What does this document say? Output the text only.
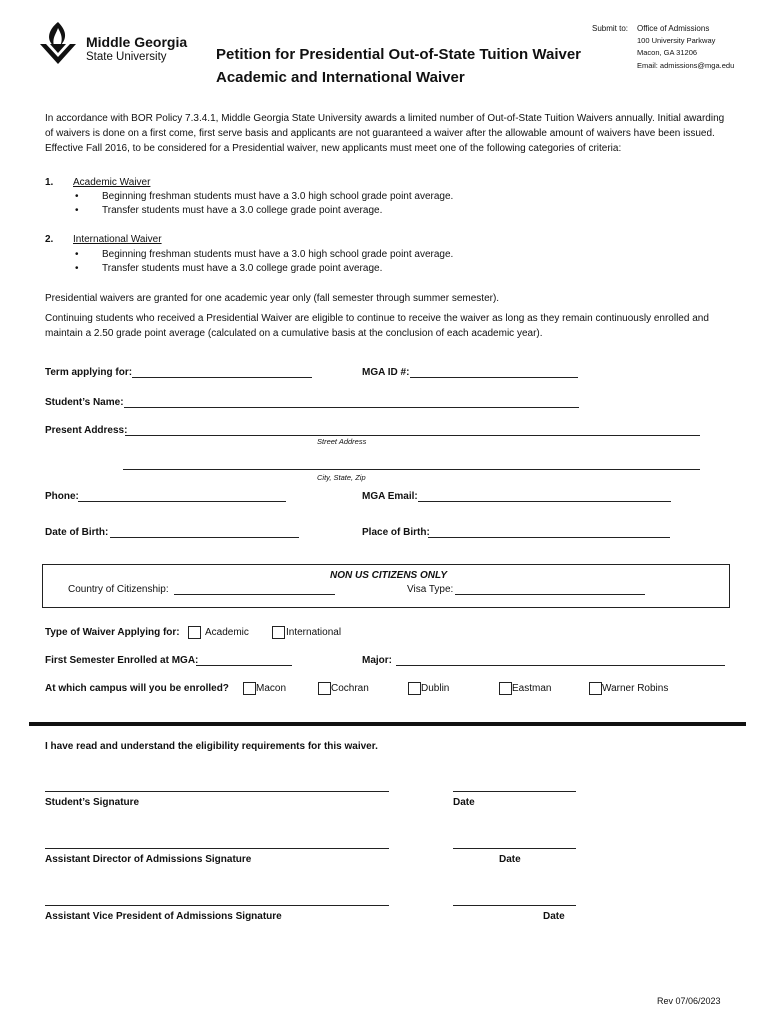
Middle Georgia
State University	Petition for Presidential Out-of-State Tuition Waiver
Academic and International Waiver
Submit to: Office of Admissions
100 University Parkway
Macon, GA 31206
Email: admissions@mga.edu
In accordance with BOR Policy 7.3.4.1, Middle Georgia State University awards a limited number of Out-of-State Tuition Waivers annually. Initial awarding of waivers is done on a first come, first serve basis and applicants are not guaranteed a waiver after the allowable amount of waivers have been issued. Effective Fall 2016, to be considered for a Presidential waiver, new applicants must meet one of the following categories of criteria:
1. Academic Waiver
• Beginning freshman students must have a 3.0 high school grade point average.
• Transfer students must have a 3.0 college grade point average.
2. International Waiver
• Beginning freshman students must have a 3.0 high school grade point average.
• Transfer students must have a 3.0 college grade point average.
Presidential waivers are granted for one academic year only (fall semester through summer semester).
Continuing students who received a Presidential Waiver are eligible to continue to receive the waiver as long as they remain continuously enrolled and maintain a 2.50 grade point average (calculated on a cumulative basis at the conclusion of each academic year).
Term applying for:	MGA ID #:
Student’s Name:
Present Address:
Street Address
City, State, Zip
Phone:	MGA Email:
Date of Birth:	Place of Birth:
NON US CITIZENS ONLY
Country of Citizenship:	Visa Type:
Type of Waiver Applying for:	Academic	International
First Semester Enrolled at MGA:	Major:
At which campus will you be enrolled?	Macon	Cochran	Dublin	Eastman	Warner Robins
I have read and understand the eligibility requirements for this waiver.
Student’s Signature	Date
Assistant Director of Admissions Signature	Date
Assistant Vice President of Admissions Signature	Date
Rev 07/06/2023
